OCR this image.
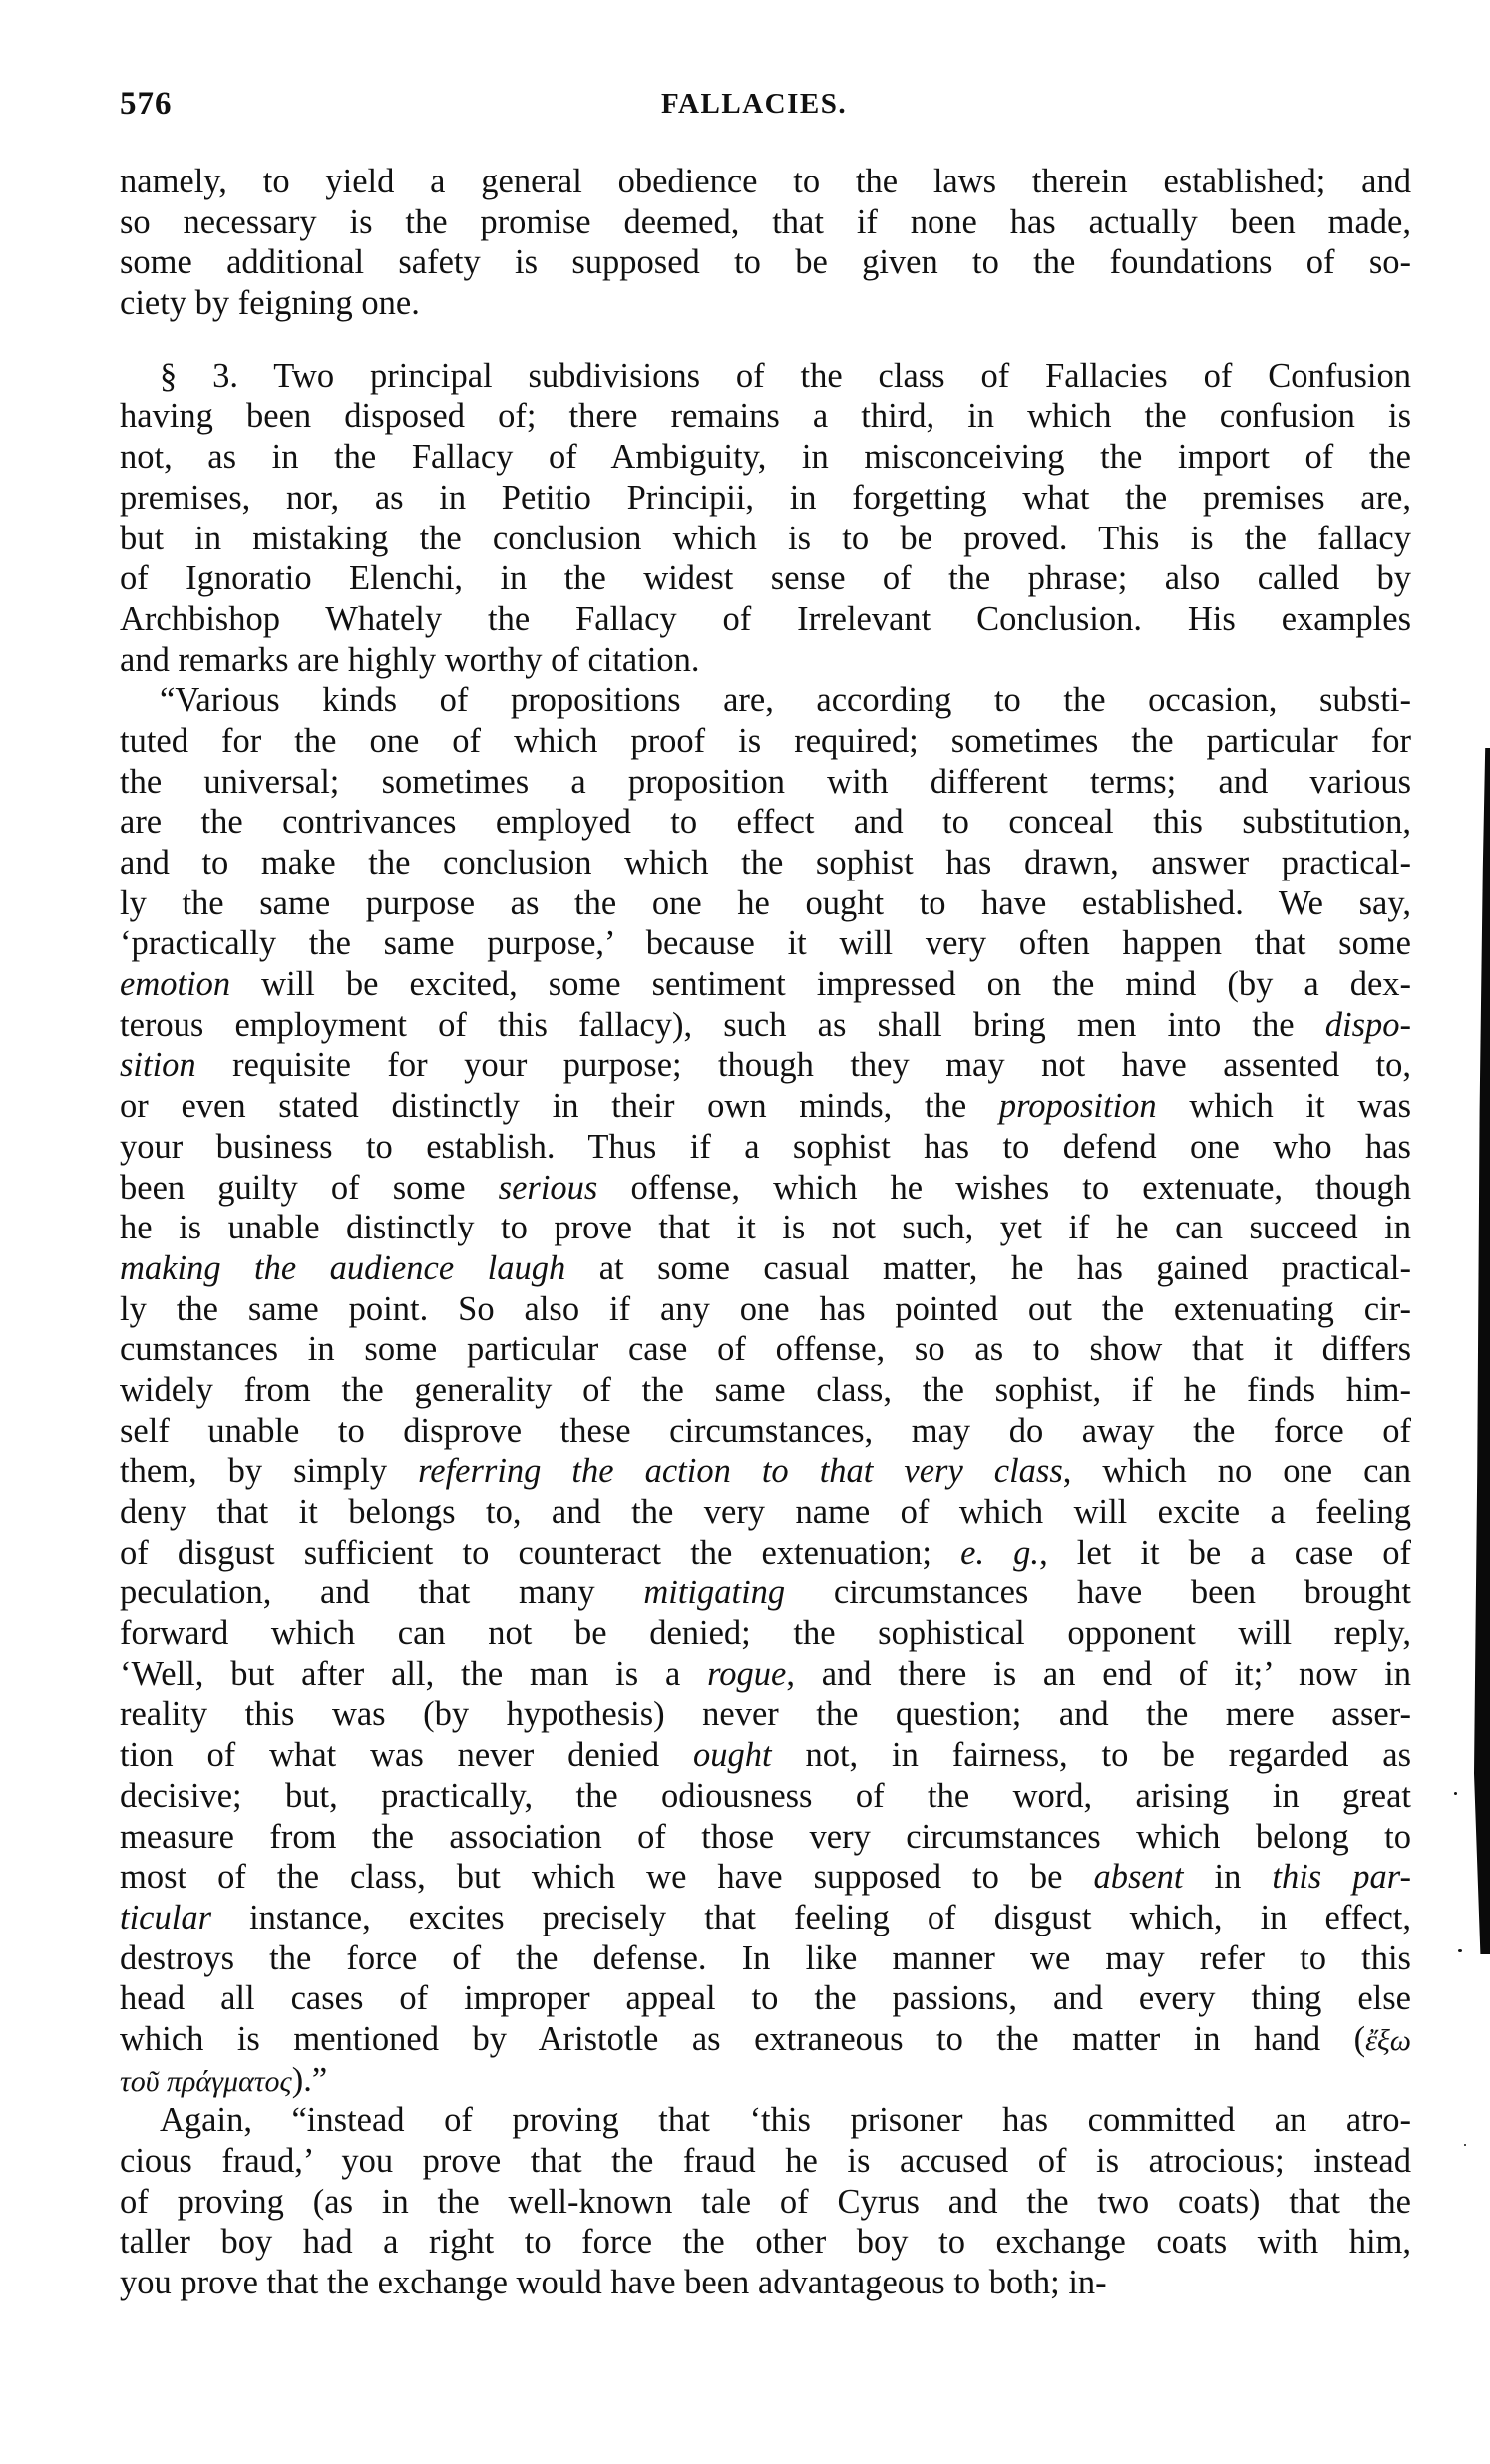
576	FALLACIES.
namely, to yield a general obedience to the laws therein established; and
so necessary is the promise deemed, that if none has actually been made,
some additional safety is supposed to be given to the foundations of so-
ciety by feigning one.
§ 3. Two principal subdivisions of the class of Fallacies of Confusion
having been disposed of; there remains a third, in which the confusion is
not, as in the Fallacy of Ambiguity, in misconceiving the import of the
premises, nor, as in Petitio Principii, in forgetting what the premises are,
but in mistaking the conclusion which is to be proved. This is the fallacy
of Ignoratio Elenchi, in the widest sense of the phrase; also called by
Archbishop Whately the Fallacy of Irrelevant Conclusion. His examples
and remarks are highly worthy of citation.
“Various kinds of propositions are, according to the occasion, substi-
tuted for the one of which proof is required; sometimes the particular for
the universal; sometimes a proposition with different terms; and various
are the contrivances employed to effect and to conceal this substitution,
and to make the conclusion which the sophist has drawn, answer practical-
ly the same purpose as the one he ought to have established. We say,
‘practically the same purpose,’ because it will very often happen that some
emotion will be excited, some sentiment impressed on the mind (by a dex-
terous employment of this fallacy), such as shall bring men into the dispo-
sition requisite for your purpose; though they may not have assented to,
or even stated distinctly in their own minds, the proposition which it was
your business to establish. Thus if a sophist has to defend one who has
been guilty of some serious offense, which he wishes to extenuate, though
he is unable distinctly to prove that it is not such, yet if he can succeed in
making the audience laugh at some casual matter, he has gained practical-
ly the same point. So also if any one has pointed out the extenuating cir-
cumstances in some particular case of offense, so as to show that it differs
widely from the generality of the same class, the sophist, if he finds him-
self unable to disprove these circumstances, may do away the force of
them, by simply referring the action to that very class, which no one can
deny that it belongs to, and the very name of which will excite a feeling
of disgust sufficient to counteract the extenuation; e. g., let it be a case of
peculation, and that many mitigating circumstances have been brought
forward which can not be denied; the sophistical opponent will reply,
‘Well, but after all, the man is a rogue, and there is an end of it;’ now in
reality this was (by hypothesis) never the question; and the mere asser-
tion of what was never denied ought not, in fairness, to be regarded as
decisive; but, practically, the odiousness of the word, arising in great
measure from the association of those very circumstances which belong to
most of the class, but which we have supposed to be absent in this par-
ticular instance, excites precisely that feeling of disgust which, in effect,
destroys the force of the defense. In like manner we may refer to this
head all cases of improper appeal to the passions, and every thing else
which is mentioned by Aristotle as extraneous to the matter in hand (ἔξω
τοῦ πράγματος).”
Again, “instead of proving that ‘this prisoner has committed an atro-
cious fraud,’ you prove that the fraud he is accused of is atrocious; instead
of proving (as in the well-known tale of Cyrus and the two coats) that the
taller boy had a right to force the other boy to exchange coats with him,
you prove that the exchange would have been advantageous to both; in-
